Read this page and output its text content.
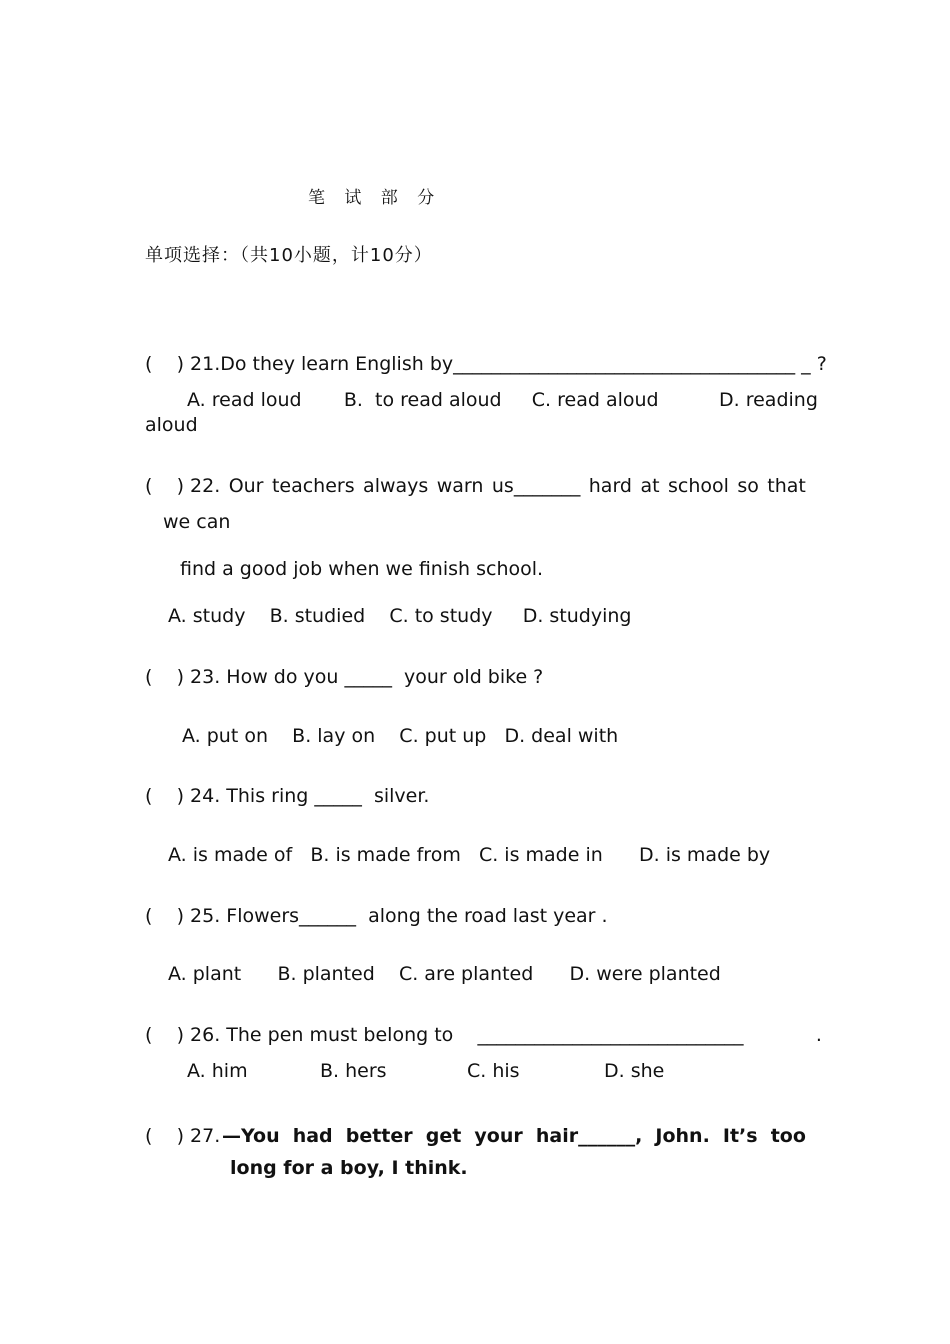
笔 试 部 分
单项选择：（共10小题，计10分）
(    ) 21.Do they learn English by____________________________________ _ ?
A. read loud       B.  to read aloud     C. read aloud          D. reading
aloud
(    ) 22. Our teachers always warn us_______ hard at school so that
we can
find a good job when we finish school.
A. study    B. studied    C. to study     D. studying
(    ) 23. How do you _____  your old bike ?
A. put on    B. lay on    C. put up   D. deal with
(    ) 24. This ring _____  silver.
A. is made of   B. is made from   C. is made in      D. is made by
(    ) 25. Flowers______  along the road last year .
A. plant      B. planted    C. are planted      D. were planted
(    ) 26. The pen must belong to    ____________________________            .
A. him	B. hers	C. his	D. she
(    ) 27.
—You had better get your hair______, John. It’s too
long for a boy, I think.
